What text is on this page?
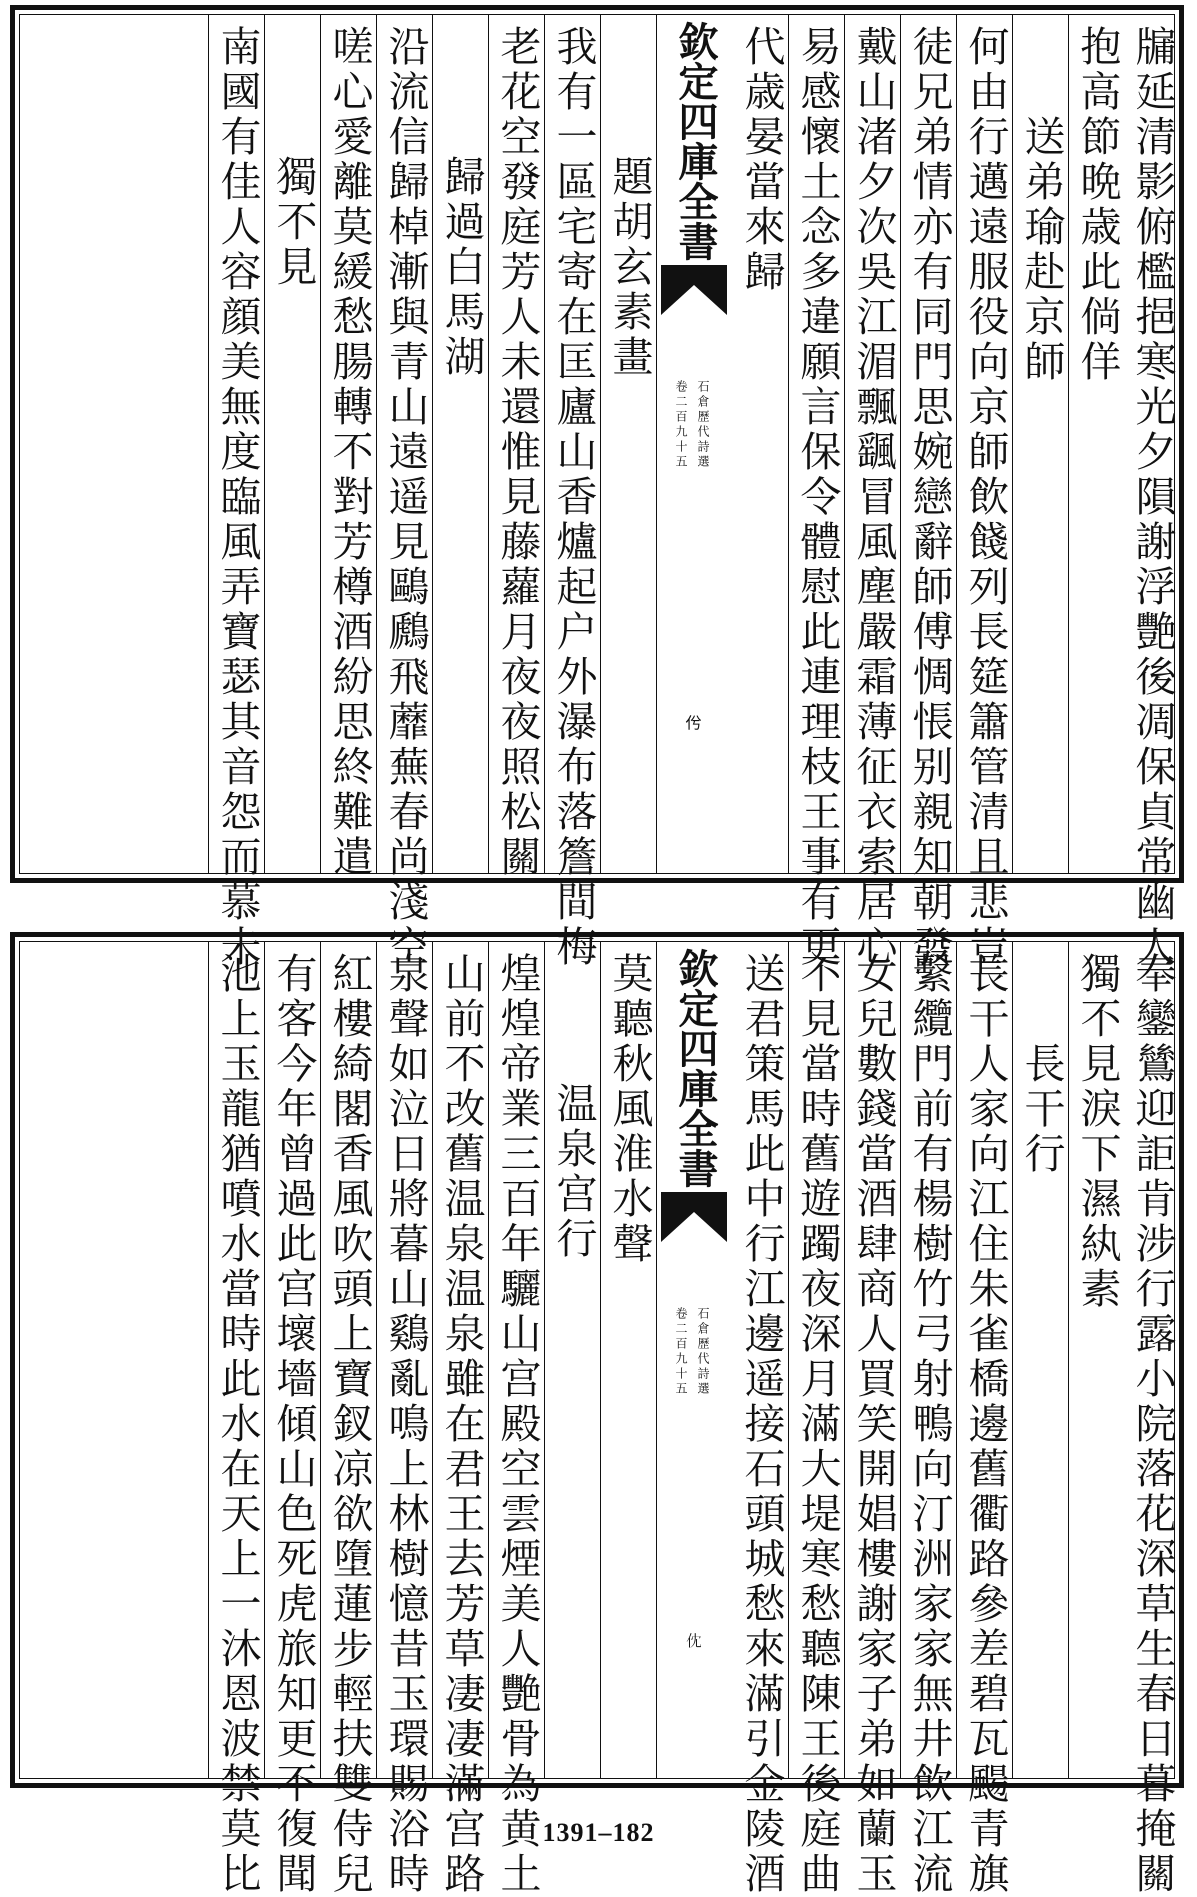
牖延清影俯檻挹寒光夕隕謝浮艷後凋保貞常幽人
抱高節晩歳此倘佯
送弟瑜赴京師
何由行邁遠服役向京師飲餞列長筵簫管清且悲豈
徒兄弟情亦有同門思婉戀辭師傅惆悵别親知朝發
戴山渚夕次吳江湄飄颻冒風塵嚴霜薄征衣索居心
易感懷土念多違願言保令體慰此連理枝王事有更
代歳晏當來歸
欽定四庫全書
石倉歷代詩選
卷二百九十五
𠆵
題胡玄素畫
我有一區宅寄在匡廬山香爐起户外瀑布落簷間梅
老花空發庭芳人未還惟見藤蘿月夜夜照松關
歸過白馬湖
沿流信歸棹漸與青山遠遥見鷗鷉飛蘼蕪春尚淺空
嗟心愛離莫緩愁腸轉不對芳樽酒紛思終難遣
獨不見
南國有佳人容顔美無度臨風弄寶瑟其音怨而慕未
奉鑾鷥迎詎肯涉行露小院落花深草生春日暮掩關
獨不見淚下濕紈素
長干行
長干人家向江住朱雀橋邊舊衢路參差碧瓦颺青旗
繫纜門前有楊樹竹弓射鴨向汀洲家家無井飲江流
女兒數錢當酒肆商人買笑開娼樓謝家子弟如蘭玉
不見當時舊遊躅夜深月滿大堤寒愁聽陳王後庭曲
送君策馬此中行江邊遥接石頭城愁來滿引金陵酒
欽定四庫全書
石倉歷代詩選
卷二百九十五
𠆶
莫聽秋風淮水聲
温泉宫行
煌煌帝業三百年驪山宫殿空雲煙美人艷骨為黄土
山前不改舊温泉温泉雖在君王去芳草凄凄滿宫路
泉聲如泣日將暮山鷄亂鳴上林樹憶昔玉環賜浴時
紅樓綺閣香風吹頭上寶釵凉欲墮蓮步輕扶雙侍兒
有客今年曾過此宫壞墻傾山色死虎旅知更不復聞
池上玉龍猶噴水當時此水在天上一沐恩波禁莫比	1391–182
